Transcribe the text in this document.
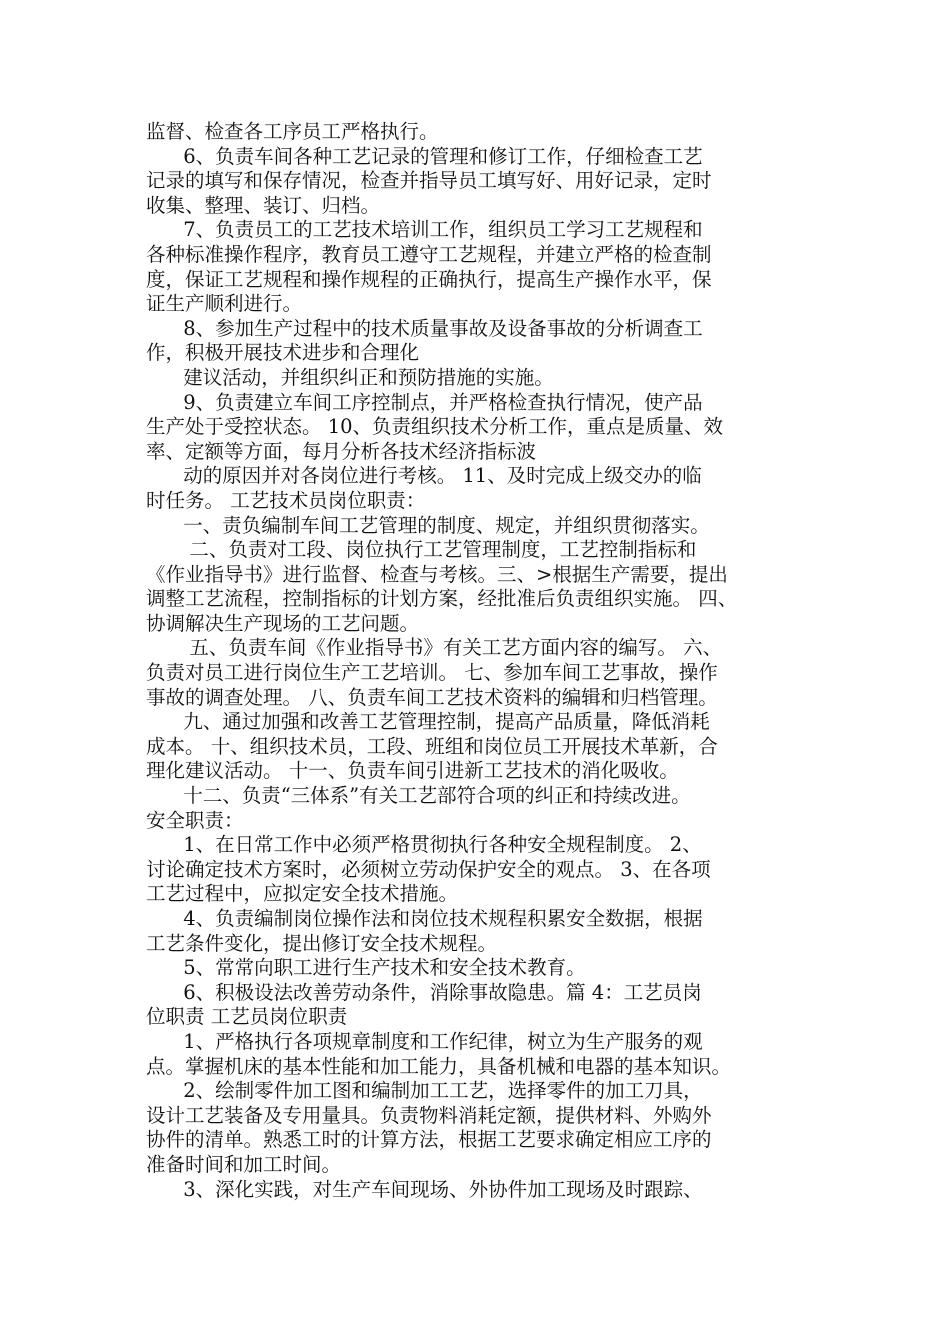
监督、检查各工序员工严格执行。
6、负责车间各种工艺记录的管理和修订工作，仔细检查工艺
记录的填写和保存情况，检查并指导员工填写好、用好记录，定时
收集、整理、装订、归档。
7、负责员工的工艺技术培训工作，组织员工学习工艺规程和
各种标准操作程序，教育员工遵守工艺规程，并建立严格的检查制
度，保证工艺规程和操作规程的正确执行，提高生产操作水平，保
证生产顺利进行。
8、参加生产过程中的技术质量事故及设备事故的分析调查工
作，积极开展技术进步和合理化
建议活动，并组织纠正和预防措施的实施。
9、负责建立车间工序控制点，并严格检查执行情况，使产品
生产处于受控状态。 10、负责组织技术分析工作，重点是质量、效
率、定额等方面，每月分析各技术经济指标波
动的原因并对各岗位进行考核。 11、及时完成上级交办的临
时任务。 工艺技术员岗位职责：
一、责负编制车间工艺管理的制度、规定，并组织贯彻落实。
二、负责对工段、岗位执行工艺管理制度，工艺控制指标和
《作业指导书》进行监督、检查与考核。三、>根据生产需要，提出
调整工艺流程，控制指标的计划方案，经批准后负责组织实施。 四、
协调解决生产现场的工艺问题。
五、负责车间《作业指导书》有关工艺方面内容的编写。 六、
负责对员工进行岗位生产工艺培训。 七、参加车间工艺事故，操作
事故的调查处理。 八、负责车间工艺技术资料的编辑和归档管理。
九、通过加强和改善工艺管理控制，提高产品质量，降低消耗
成本。 十、组织技术员，工段、班组和岗位员工开展技术革新，合
理化建议活动。 十一、负责车间引进新工艺技术的消化吸收。
十二、负责“三体系”有关工艺部符合项的纠正和持续改进。
安全职责：
1、在日常工作中必须严格贯彻执行各种安全规程制度。 2、
讨论确定技术方案时，必须树立劳动保护安全的观点。 3、在各项
工艺过程中，应拟定安全技术措施。
4、负责编制岗位操作法和岗位技术规程积累安全数据，根据
工艺条件变化，提出修订安全技术规程。
5、常常向职工进行生产技术和安全技术教育。
6、积极设法改善劳动条件，消除事故隐患。篇 4：工艺员岗
位职责 工艺员岗位职责
1、严格执行各项规章制度和工作纪律，树立为生产服务的观
点。掌握机床的基本性能和加工能力，具备机械和电器的基本知识。
2、绘制零件加工图和编制加工工艺，选择零件的加工刀具，
设计工艺装备及专用量具。负责物料消耗定额，提供材料、外购外
协件的清单。熟悉工时的计算方法，根据工艺要求确定相应工序的
准备时间和加工时间。
3、深化实践，对生产车间现场、外协件加工现场及时跟踪、
